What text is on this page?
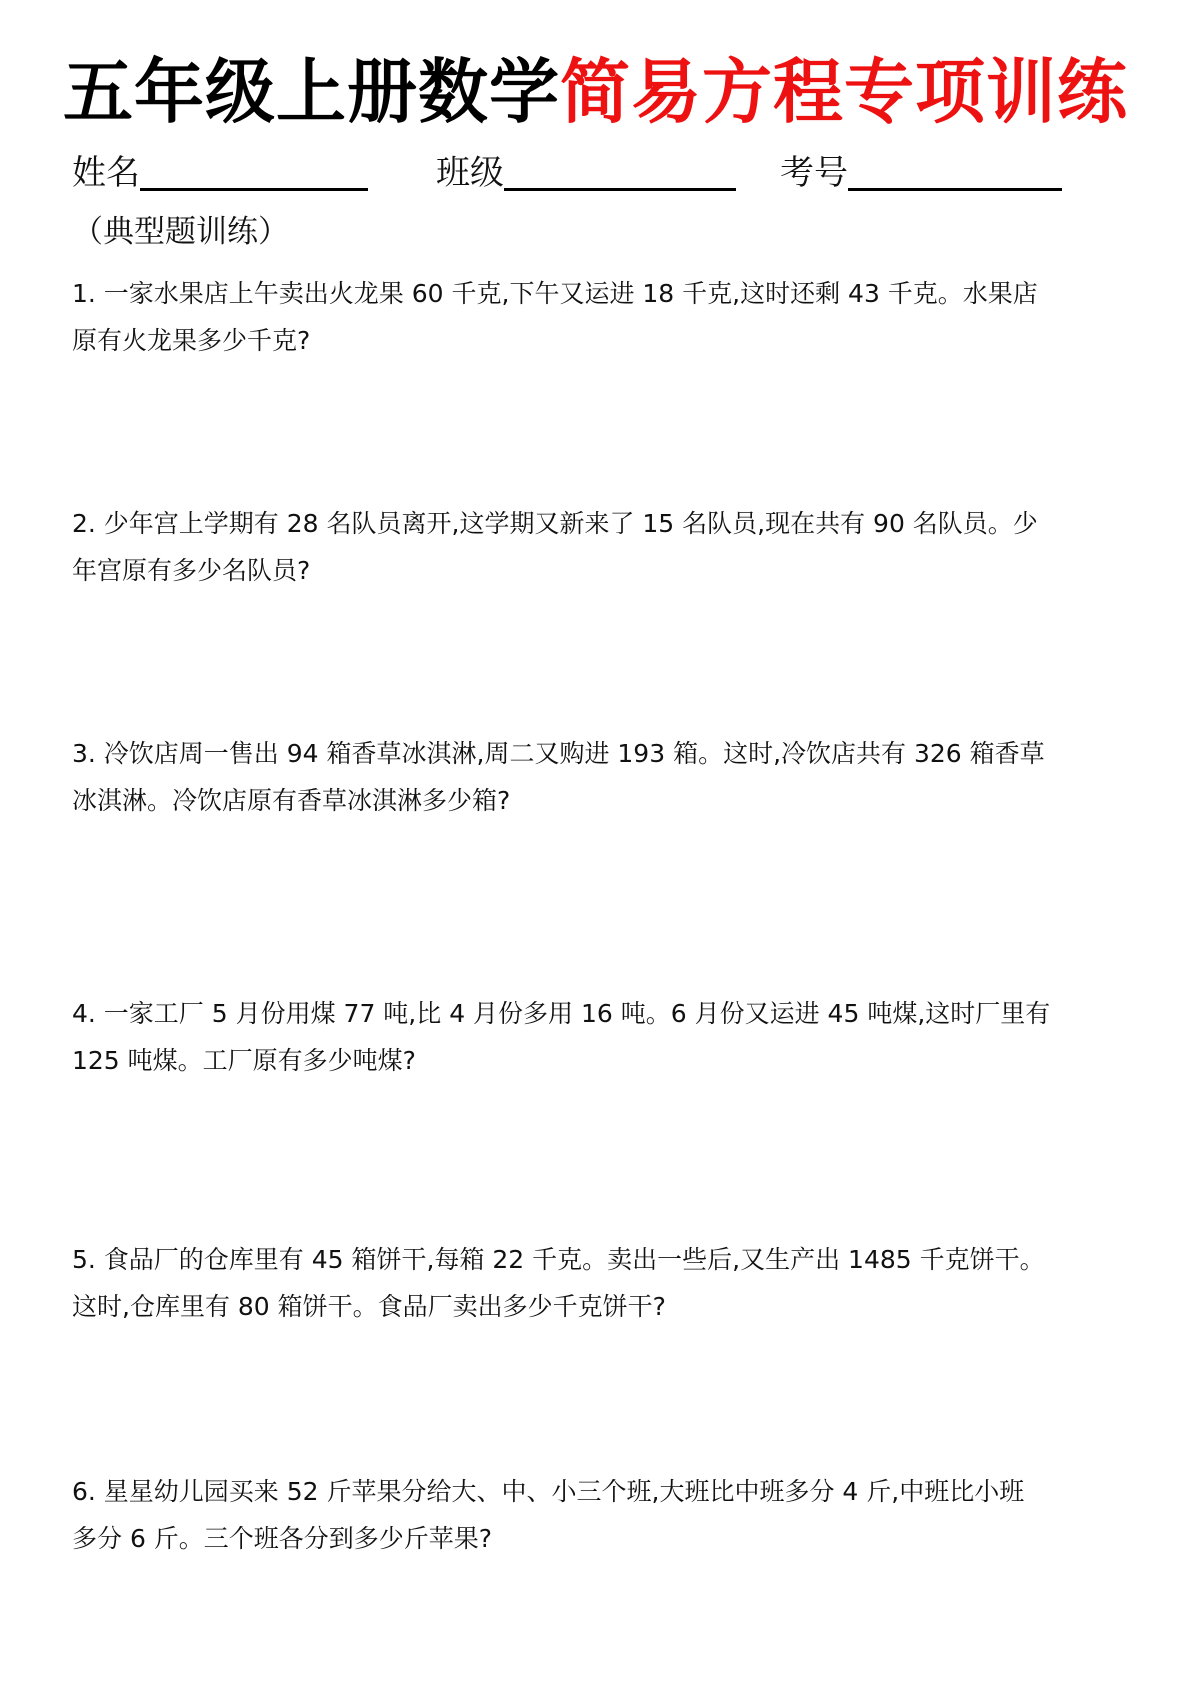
五年级上册数学简易方程专项训练
姓名	班级	考号
（典型题训练）
1. 一家水果店上午卖出火龙果 60 千克,下午又运进 18 千克,这时还剩 43 千克。水果店
原有火龙果多少千克?
2. 少年宫上学期有 28 名队员离开,这学期又新来了 15 名队员,现在共有 90 名队员。少
年宫原有多少名队员?
3. 冷饮店周一售出 94 箱香草冰淇淋,周二又购进 193 箱。这时,冷饮店共有 326 箱香草
冰淇淋。冷饮店原有香草冰淇淋多少箱?
4. 一家工厂 5 月份用煤 77 吨,比 4 月份多用 16 吨。6 月份又运进 45 吨煤,这时厂里有
125 吨煤。工厂原有多少吨煤?
5. 食品厂的仓库里有 45 箱饼干,每箱 22 千克。卖出一些后,又生产出 1485 千克饼干。
这时,仓库里有 80 箱饼干。食品厂卖出多少千克饼干?
6. 星星幼儿园买来 52 斤苹果分给大、中、小三个班,大班比中班多分 4 斤,中班比小班
多分 6 斤。三个班各分到多少斤苹果?
